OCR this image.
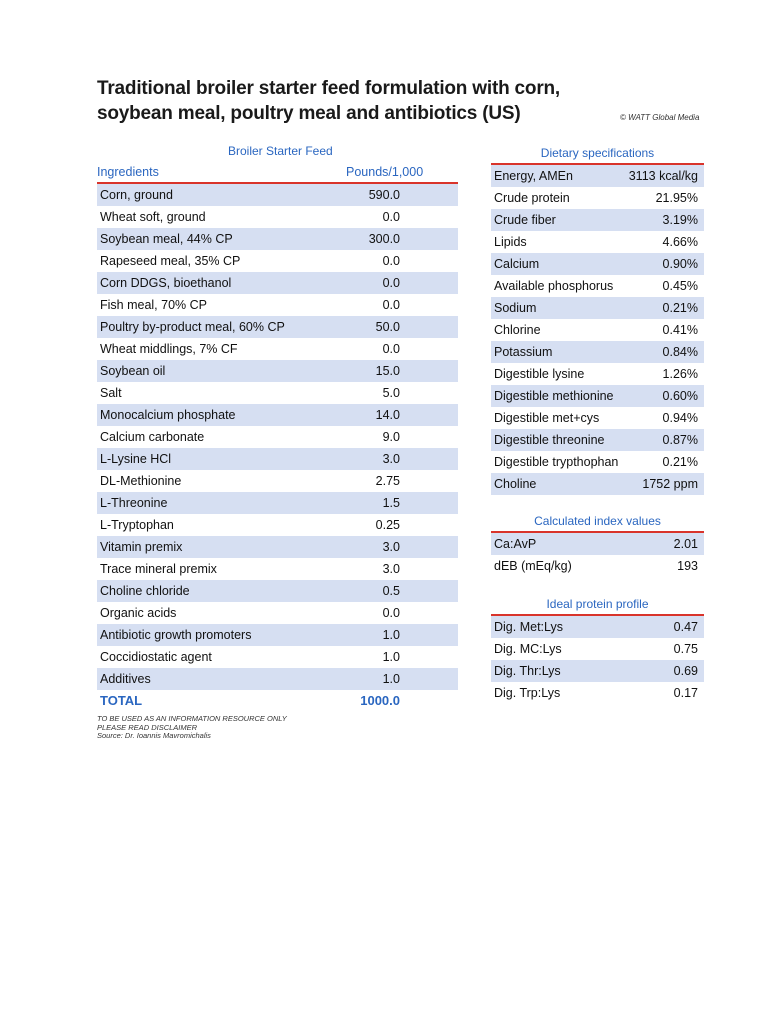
Traditional broiler starter feed formulation with corn, soybean meal, poultry meal and antibiotics (US)	© WATT Global Media
Broiler Starter Feed
Ingredients	Pounds/1,000
Corn, ground	590.0
Wheat soft, ground	0.0
Soybean meal, 44% CP	300.0
Rapeseed meal, 35% CP	0.0
Corn DDGS, bioethanol	0.0
Fish meal, 70% CP	0.0
Poultry by-product meal, 60% CP	50.0
Wheat middlings, 7% CF	0.0
Soybean oil	15.0
Salt	5.0
Monocalcium phosphate	14.0
Calcium carbonate	9.0
L-Lysine HCl	3.0
DL-Methionine	2.75
L-Threonine	1.5
L-Tryptophan	0.25
Vitamin premix	3.0
Trace mineral premix	3.0
Choline chloride	0.5
Organic acids	0.0
Antibiotic growth promoters	1.0
Coccidiostatic agent	1.0
Additives	1.0
TOTAL	1000.0
TO BE USED AS AN INFORMATION RESOURCE ONLY
PLEASE READ DISCLAIMER
Source: Dr. Ioannis Mavromichalis
Dietary specifications
Energy, AMEn	3113 kcal/kg
Crude protein	21.95%
Crude fiber	3.19%
Lipids	4.66%
Calcium	0.90%
Available phosphorus	0.45%
Sodium	0.21%
Chlorine	0.41%
Potassium	0.84%
Digestible lysine	1.26%
Digestible methionine	0.60%
Digestible met+cys	0.94%
Digestible threonine	0.87%
Digestible trypthophan	0.21%
Choline	1752 ppm
Calculated index values
Ca:AvP	2.01
dEB (mEq/kg)	193
Ideal protein profile
Dig. Met:Lys	0.47
Dig. MC:Lys	0.75
Dig. Thr:Lys	0.69
Dig. Trp:Lys	0.17
